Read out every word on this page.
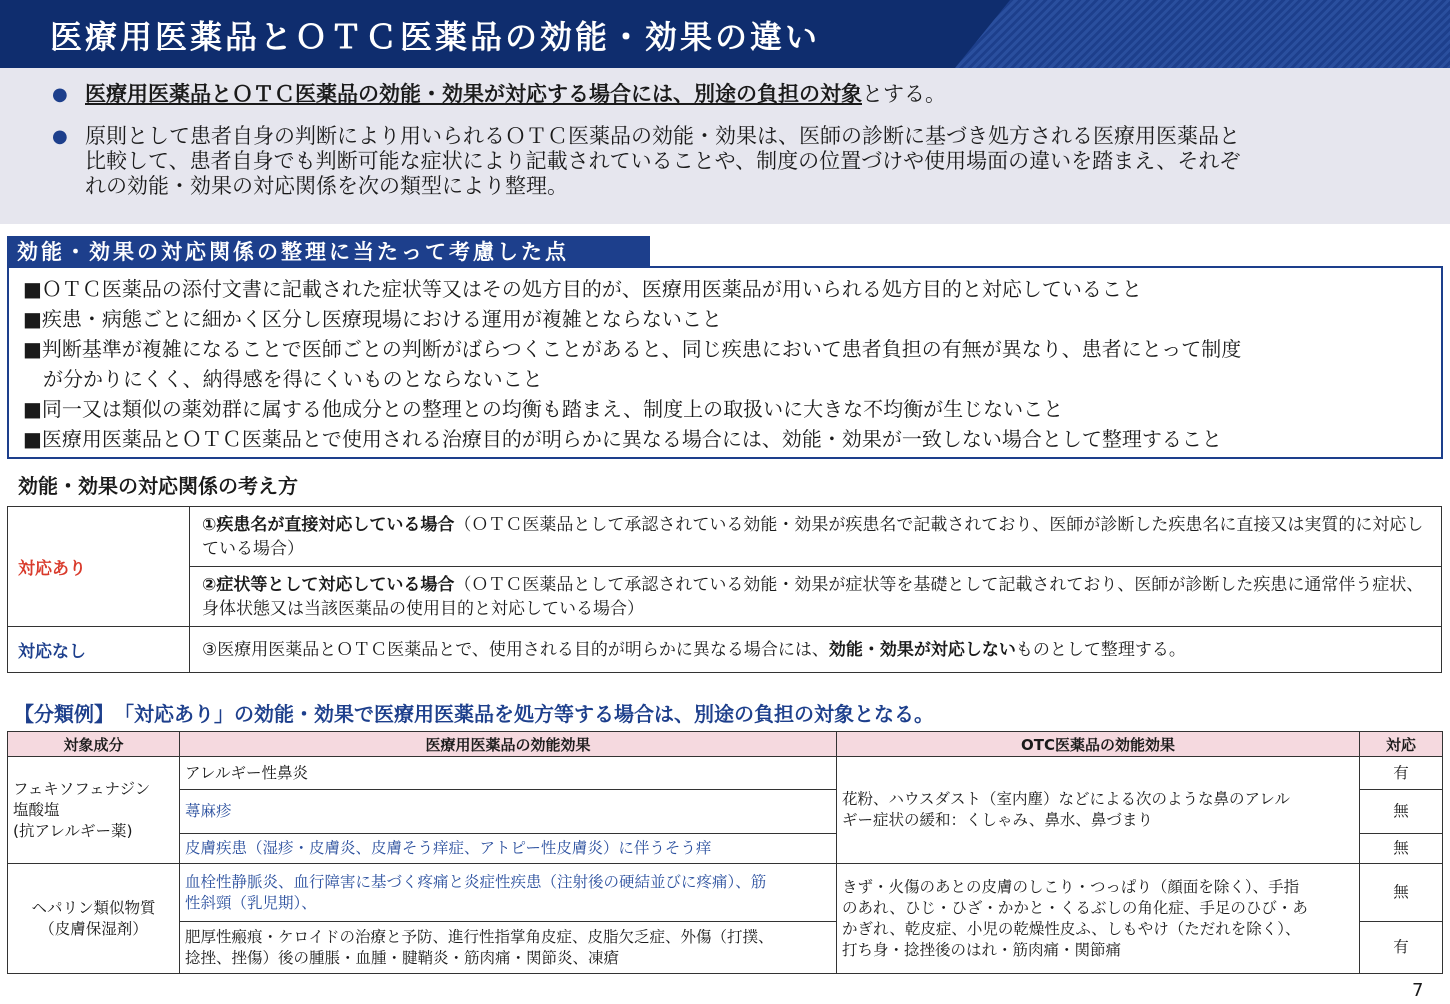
医療用医薬品とＯＴＣ医薬品の効能・効果の違い
● 医療用医薬品とＯＴＣ医薬品の効能・効果が対応する場合には、別途の負担の対象とする。
● 原則として患者自身の判断により用いられるＯＴＣ医薬品の効能・効果は、医師の診断に基づき処方される医療用医薬品と
比較して、患者自身でも判断可能な症状により記載されていることや、制度の位置づけや使用場面の違いを踏まえ、それぞ
れの効能・効果の対応関係を次の類型により整理。
効能・効果の対応関係の整理に当たって考慮した点
■ＯＴＣ医薬品の添付文書に記載された症状等又はその処方目的が、医療用医薬品が用いられる処方目的と対応していること
■疾患・病態ごとに細かく区分し医療現場における運用が複雑とならないこと
■判断基準が複雑になることで医師ごとの判断がばらつくことがあると、同じ疾患において患者負担の有無が異なり、患者にとって制度
　が分かりにくく、納得感を得にくいものとならないこと
■同一又は類似の薬効群に属する他成分との整理との均衡も踏まえ、制度上の取扱いに大きな不均衡が生じないこと
■医療用医薬品とＯＴＣ医薬品とで使用される治療目的が明らかに異なる場合には、効能・効果が一致しない場合として整理すること
効能・効果の対応関係の考え方
対応あり	①疾患名が直接対応している場合（ＯＴＣ医薬品として承認されている効能・効果が疾患名で記載されており、医師が診断した疾患名に直接又は実質的に対応している場合）
	②症状等として対応している場合（ＯＴＣ医薬品として承認されている効能・効果が症状等を基礎として記載されており、医師が診断した疾患に通常伴う症状、身体状態又は当該医薬品の使用目的と対応している場合）
対応なし	③医療用医薬品とＯＴＣ医薬品とで、使用される目的が明らかに異なる場合には、効能・効果が対応しないものとして整理する。
【分類例】　「対応あり」の効能・効果で医療用医薬品を処方等する場合は、別途の負担の対象となる。
対象成分	医療用医薬品の効能効果	OTC医薬品の効能効果	対応
フェキソフェナジン
塩酸塩
(抗アレルギー薬)	アレルギー性鼻炎	花粉、ハウスダスト（室内塵）などによる次のような鼻のアレル
ギー症状の緩和：くしゃみ、鼻水、鼻づまり	有
	蕁麻疹		無
	皮膚疾患（湿疹・皮膚炎、皮膚そう痒症、アトピー性皮膚炎）に伴うそう痒		無
ヘパリン類似物質
（皮膚保湿剤）	血栓性静脈炎、血行障害に基づく疼痛と炎症性疾患（注射後の硬結並びに疼痛）、筋
性斜頸（乳児期）、	きず・火傷のあとの皮膚のしこり・つっぱり（顔面を除く）、手指
のあれ、ひじ・ひざ・かかと・くるぶしの角化症、手足のひび・あ
かぎれ、乾皮症、小児の乾燥性皮ふ、しもやけ（ただれを除く）、
打ち身・捻挫後のはれ・筋肉痛・関節痛	無
	肥厚性瘢痕・ケロイドの治療と予防、進行性指掌角皮症、皮脂欠乏症、外傷（打撲、
捻挫、挫傷）後の腫脹・血腫・腱鞘炎・筋肉痛・関節炎、凍瘡		有
7
